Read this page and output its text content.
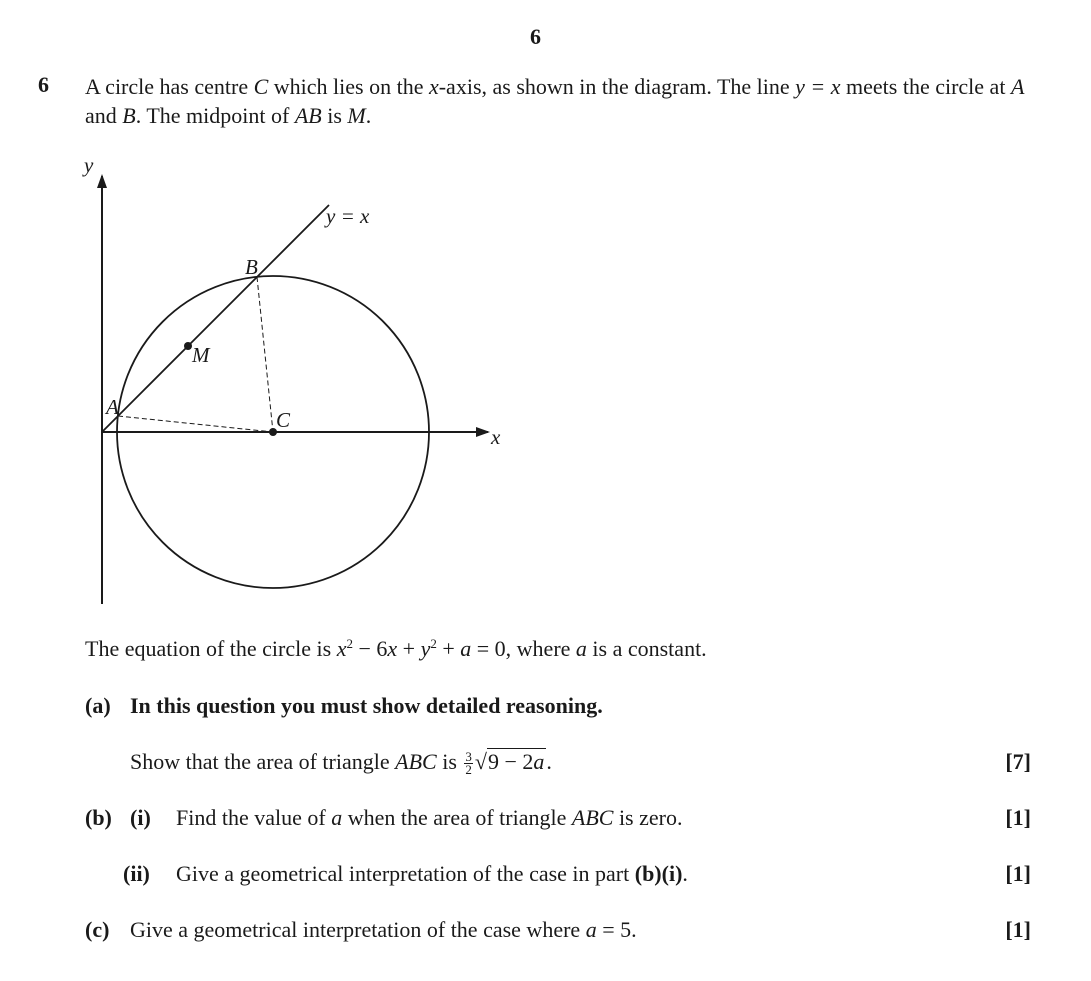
6
6 A circle has centre C which lies on the x-axis, as shown in the diagram. The line y = x meets the circle at A and B. The midpoint of AB is M.
y
x
y = x
A
B
C
M
The equation of the circle is $x^2 - 6x + y^2 + a = 0$, where a is a constant.
(a) In this question you must show detailed reasoning.
Show that the area of triangle ABC is $\frac{3}{2} √9 - 2a$.	[7]
(b) (i) Find the value of a when the area of triangle ABC is zero.	[1]
(ii) Give a geometrical interpretation of the case in part (b)(i).	[1]
(c) Give a geometrical interpretation of the case where a = 5.	[1]
